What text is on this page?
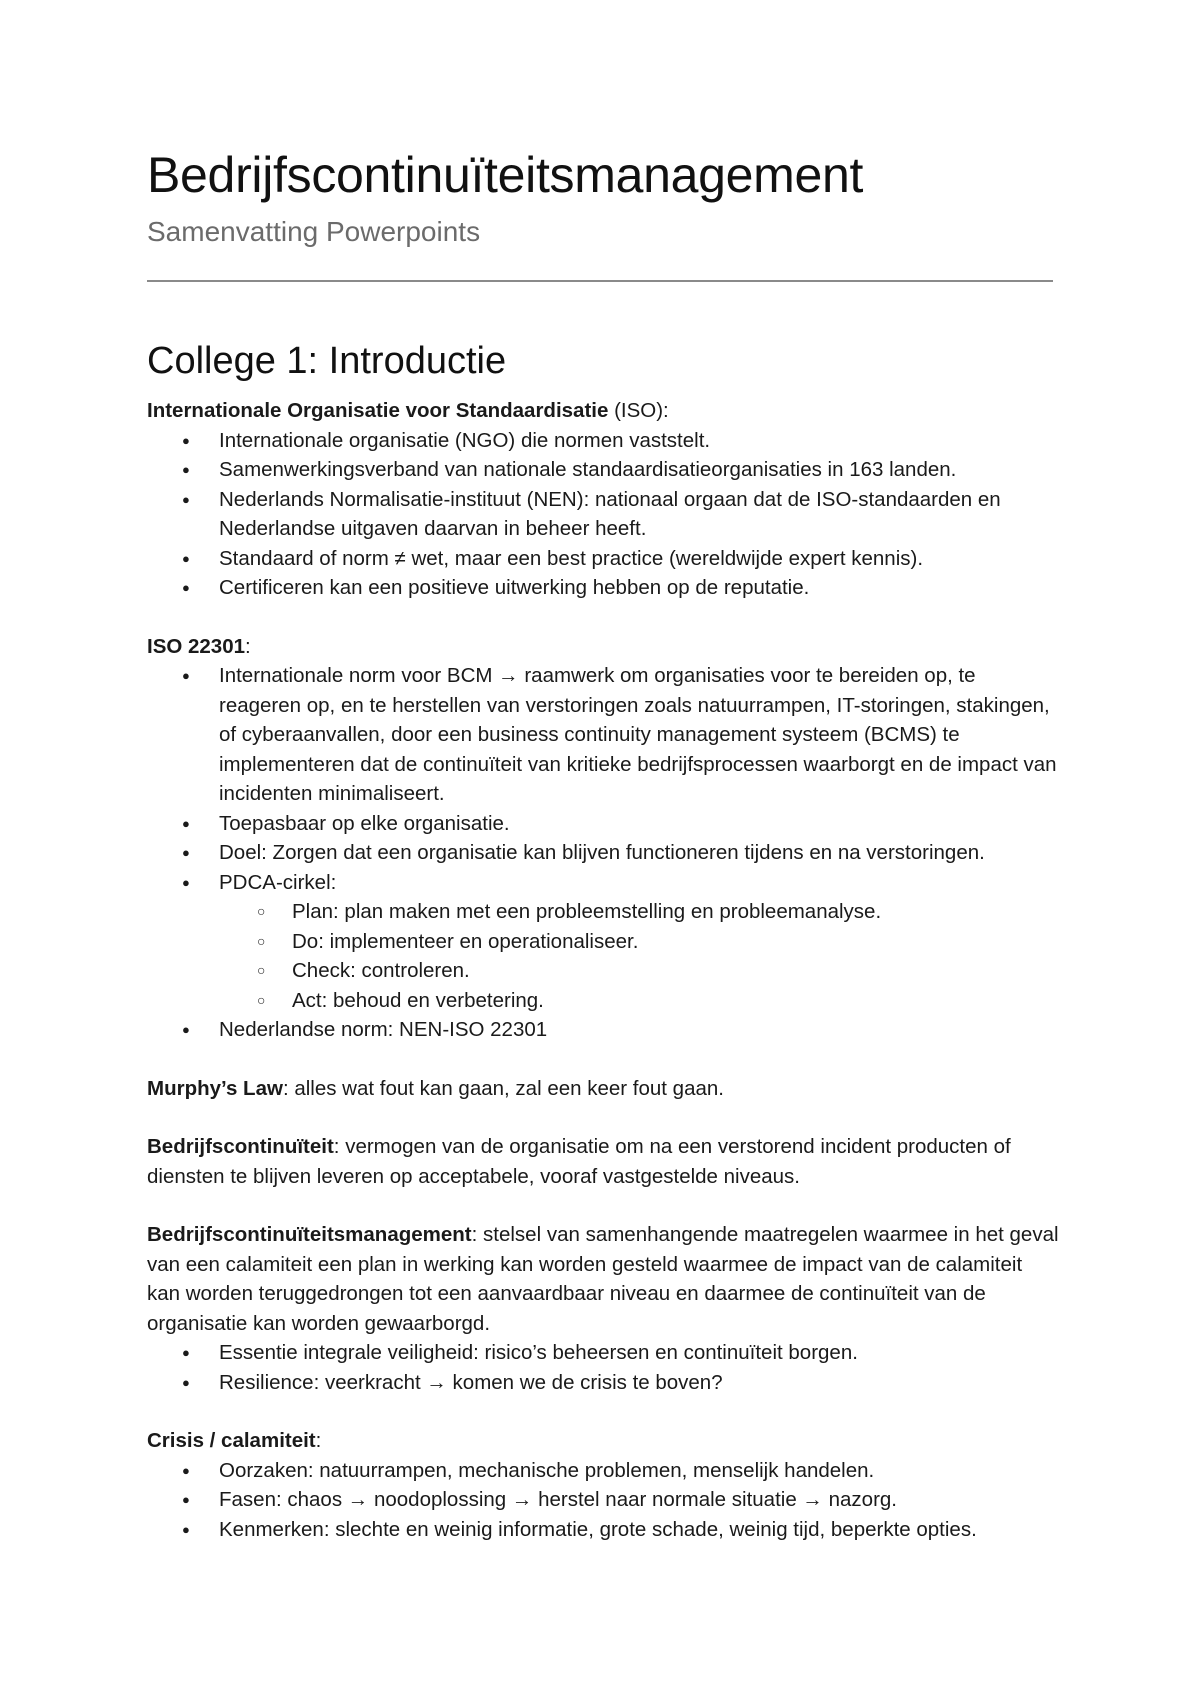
Bedrijfscontinuïteitsmanagement
Samenvatting Powerpoints
College 1: Introductie

Internationale Organisatie voor Standaardisatie (ISO):

● Internationale organisatie (NGO) die normen vaststelt.
● Samenwerkingsverband van nationale standaardisatieorganisaties in 163 landen.
● Nederlands Normalisatie-instituut (NEN): nationaal orgaan dat de ISO-standaarden en Nederlandse uitgaven daarvan in beheer heeft.
● Standaard of norm ≠ wet, maar een best practice (wereldwijde expert kennis).
● Certificeren kan een positieve uitwerking hebben op de reputatie.

ISO 22301:

● Internationale norm voor BCM → raamwerk om organisaties voor te bereiden op, te reageren op, en te herstellen van verstoringen zoals natuurrampen, IT-storingen, stakingen, of cyberaanvallen, door een business continuity management systeem (BCMS) te implementeren dat de continuïteit van kritieke bedrijfsprocessen waarborgt en de impact van incidenten minimaliseert.
● Toepasbaar op elke organisatie.
● Doel: Zorgen dat een organisatie kan blijven functioneren tijdens en na verstoringen.
● PDCA-cirkel:
○ Plan: plan maken met een probleemstelling en probleemanalyse.
○ Do: implementeer en operationaliseer.
○ Check: controleren.
○ Act: behoud en verbetering.
● Nederlandse norm: NEN-ISO 22301

Murphy’s Law: alles wat fout kan gaan, zal een keer fout gaan.

Bedrijfscontinuïteit: vermogen van de organisatie om na een verstorend incident producten of diensten te blijven leveren op acceptabele, vooraf vastgestelde niveaus.

Bedrijfscontinuïteitsmanagement: stelsel van samenhangende maatregelen waarmee in het geval van een calamiteit een plan in werking kan worden gesteld waarmee de impact van de calamiteit kan worden teruggedrongen tot een aanvaardbaar niveau en daarmee de continuïteit van de organisatie kan worden gewaarborgd.

● Essentie integrale veiligheid: risico’s beheersen en continuïteit borgen.
● Resilience: veerkracht → komen we de crisis te boven?

Crisis / calamiteit:

● Oorzaken: natuurrampen, mechanische problemen, menselijk handelen.
● Fasen: chaos → noodoplossing → herstel naar normale situatie → nazorg.
● Kenmerken: slechte en weinig informatie, grote schade, weinig tijd, beperkte opties.
